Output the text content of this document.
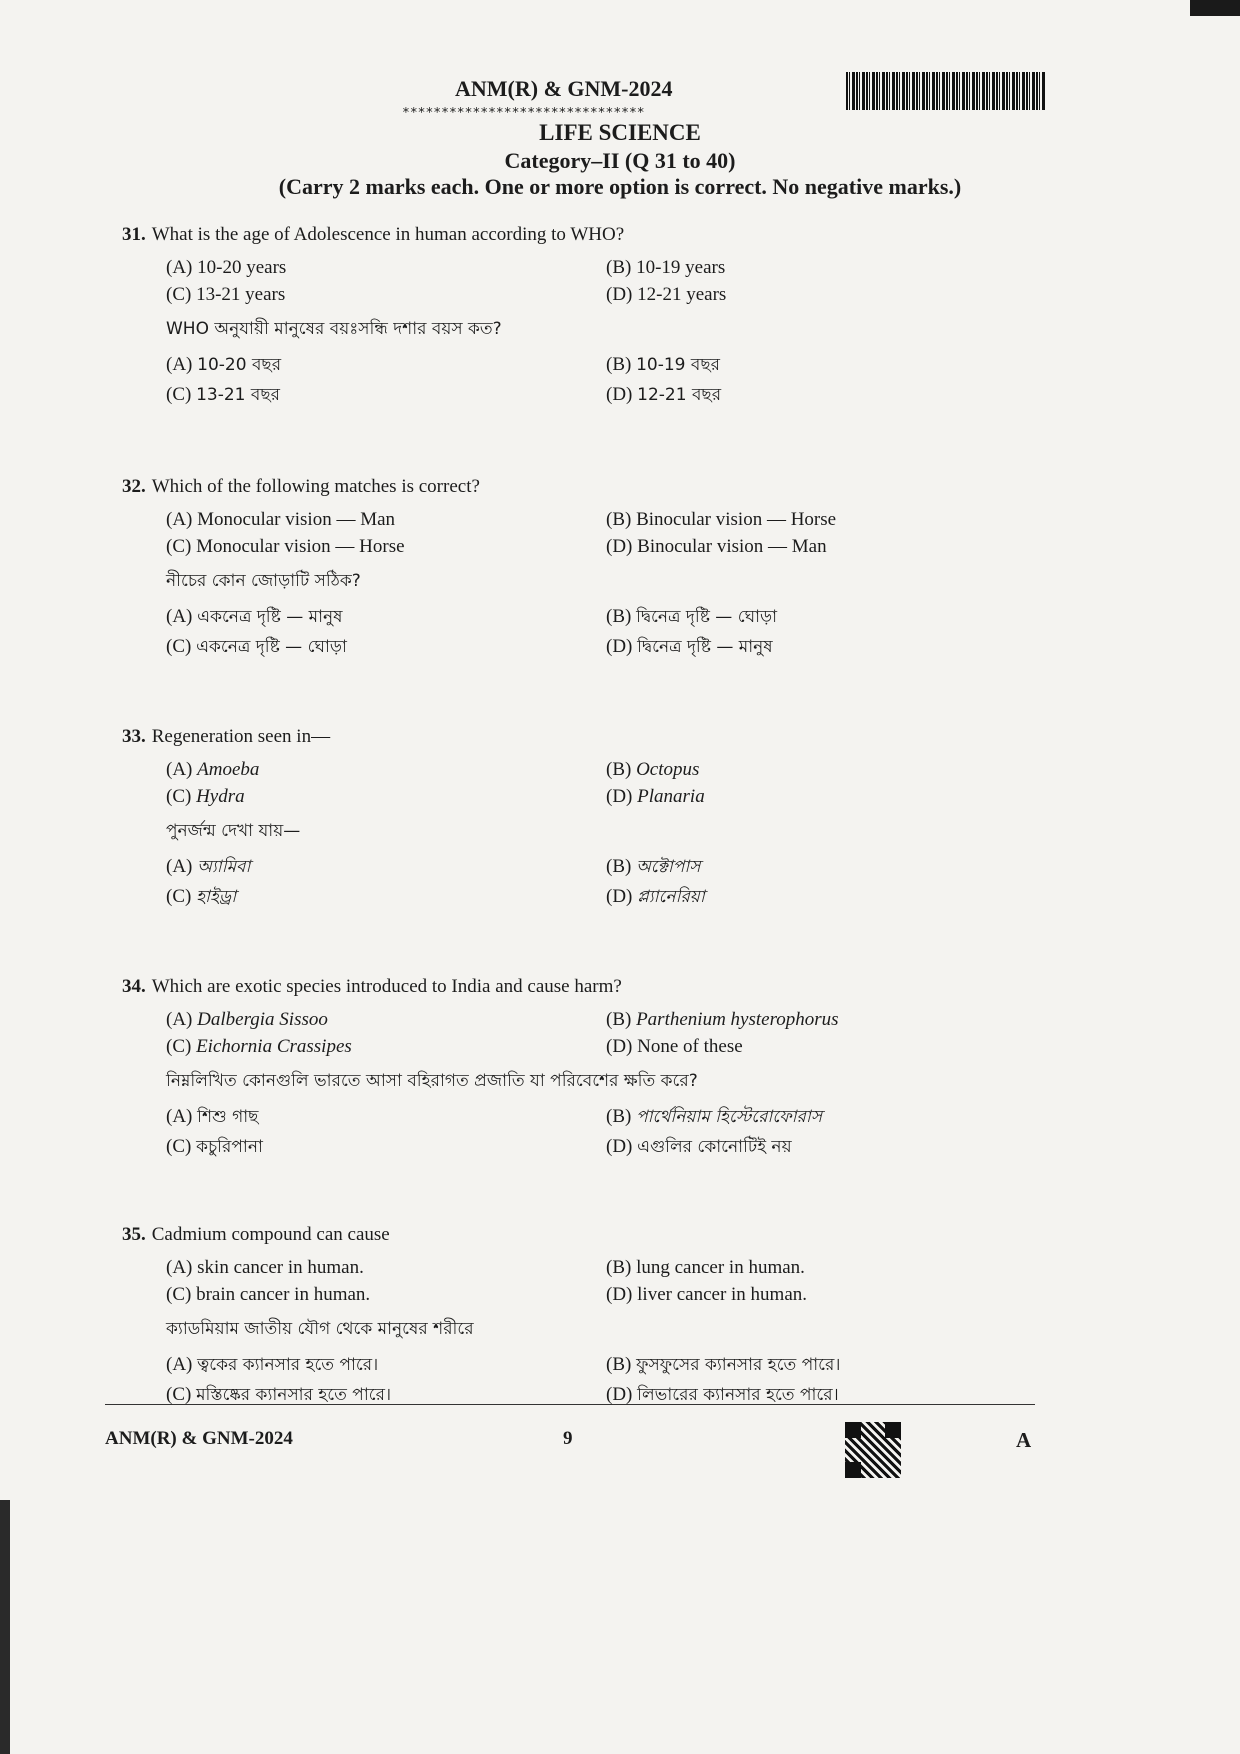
ANM(R) & GNM-2024
∗∗∗∗∗∗∗∗∗∗∗∗∗∗∗∗∗∗∗∗∗∗∗∗∗∗∗∗∗∗∗
LIFE SCIENCE
Category–II (Q 31 to 40)
(Carry 2 marks each. One or more option is correct. No negative marks.)
31. What is the age of Adolescence in human according to WHO?
(A) 10-20 years	(B) 10-19 years
(C) 13-21 years	(D) 12-21 years
WHO অনুযায়ী মানুষের বয়ঃসন্ধি দশার বয়স কত?
(A) 10-20 বছর	(B) 10-19 বছর
(C) 13-21 বছর	(D) 12-21 বছর
32. Which of the following matches is correct?
(A) Monocular vision — Man	(B) Binocular vision — Horse
(C) Monocular vision — Horse	(D) Binocular vision — Man
নীচের কোন জোড়াটি সঠিক?
(A) একনেত্র দৃষ্টি — মানুষ	(B) দ্বিনেত্র দৃষ্টি — ঘোড়া
(C) একনেত্র দৃষ্টি — ঘোড়া	(D) দ্বিনেত্র দৃষ্টি — মানুষ
33. Regeneration seen in—
(A) Amoeba	(B) Octopus
(C) Hydra	(D) Planaria
পুনর্জন্ম দেখা যায়—
(A) অ্যামিবা	(B) অক্টোপাস
(C) হাইড্রা	(D) প্ল্যানেরিয়া
34. Which are exotic species introduced to India and cause harm?
(A) Dalbergia Sissoo	(B) Parthenium hysterophorus
(C) Eichornia Crassipes	(D) None of these
নিম্নলিখিত কোনগুলি ভারতে আসা বহিরাগত প্রজাতি যা পরিবেশের ক্ষতি করে?
(A) শিশু গাছ	(B) পার্থেনিয়াম হিস্টেরোফোরাস
(C) কচুরিপানা	(D) এগুলির কোনোটিই নয়
35. Cadmium compound can cause
(A) skin cancer in human.	(B) lung cancer in human.
(C) brain cancer in human.	(D) liver cancer in human.
ক্যাডমিয়াম জাতীয় যৌগ থেকে মানুষের শরীরে
(A) ত্বকের ক্যানসার হতে পারে।	(B) ফুসফুসের ক্যানসার হতে পারে।
(C) মস্তিষ্কের ক্যানসার হতে পারে।	(D) লিভারের ক্যানসার হতে পারে।
ANM(R) & GNM-2024	9	A
